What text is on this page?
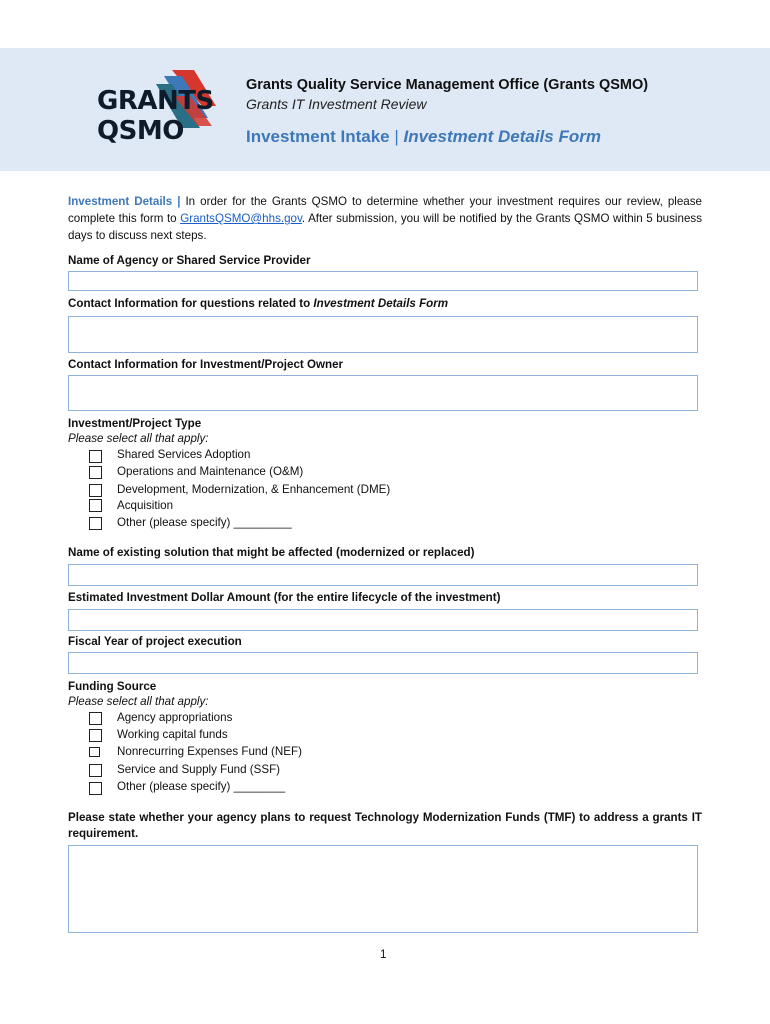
GRANTS
QSMO
Grants Quality Service Management Office (Grants QSMO)
Grants IT Investment Review
Investment Intake | Investment Details Form
Investment Details | In order for the Grants QSMO to determine whether your investment requires our review, please complete this form to GrantsQSMO@hhs.gov. After submission, you will be notified by the Grants QSMO within 5 business days to discuss next steps.
Name of Agency or Shared Service Provider
Contact Information for questions related to Investment Details Form
Contact Information for Investment/Project Owner
Investment/Project Type
Please select all that apply:
Shared Services Adoption
Operations and Maintenance (O&M)
Development, Modernization, & Enhancement (DME)
Acquisition
Other (please specify) _________
Name of existing solution that might be affected (modernized or replaced)
Estimated Investment Dollar Amount (for the entire lifecycle of the investment)
Fiscal Year of project execution
Funding Source
Please select all that apply:
Agency appropriations
Working capital funds
Nonrecurring Expenses Fund (NEF)
Service and Supply Fund (SSF)
Other (please specify) ________
Please state whether your agency plans to request Technology Modernization Funds (TMF) to address a grants IT requirement.
1
